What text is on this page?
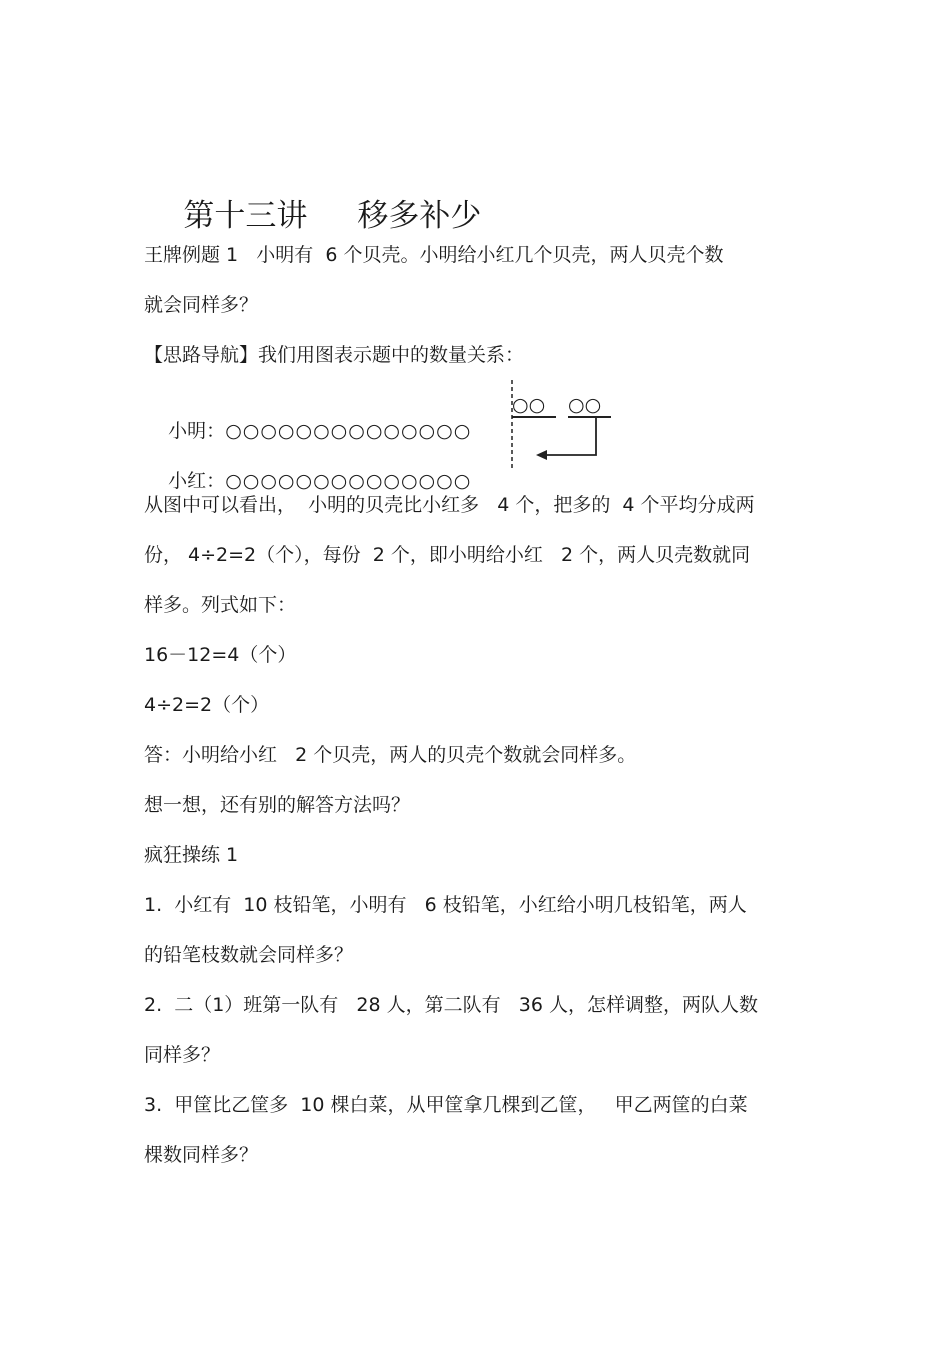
第十三讲 移多补少

王牌例题 1   小明有  6 个贝壳。小明给小红几个贝壳，两人贝壳个数
就会同样多？
【思路导航】我们用图表示题中的数量关系：

小明：○○○○○○○○○○○○○○

小红：○○○○○○○○○○○○○○

○○ ○○
从图中可以看出，  小明的贝壳比小红多   4 个，把多的  4 个平均分成两
份， 4÷2=2（个），每份  2 个，即小明给小红   2 个，两人贝壳数就同
样多。列式如下：
16－12=4（个）
4÷2=2（个）
答：小明给小红   2 个贝壳，两人的贝壳个数就会同样多。
想一想，还有别的解答方法吗？
疯狂操练 1
1.  小红有  10 枝铅笔，小明有   6 枝铅笔，小红给小明几枝铅笔，两人
的铅笔枝数就会同样多？
2.  二（1）班第一队有   28 人，第二队有   36 人，怎样调整，两队人数
同样多？
3.  甲筐比乙筐多  10 棵白菜，从甲筐拿几棵到乙筐，   甲乙两筐的白菜
棵数同样多？
